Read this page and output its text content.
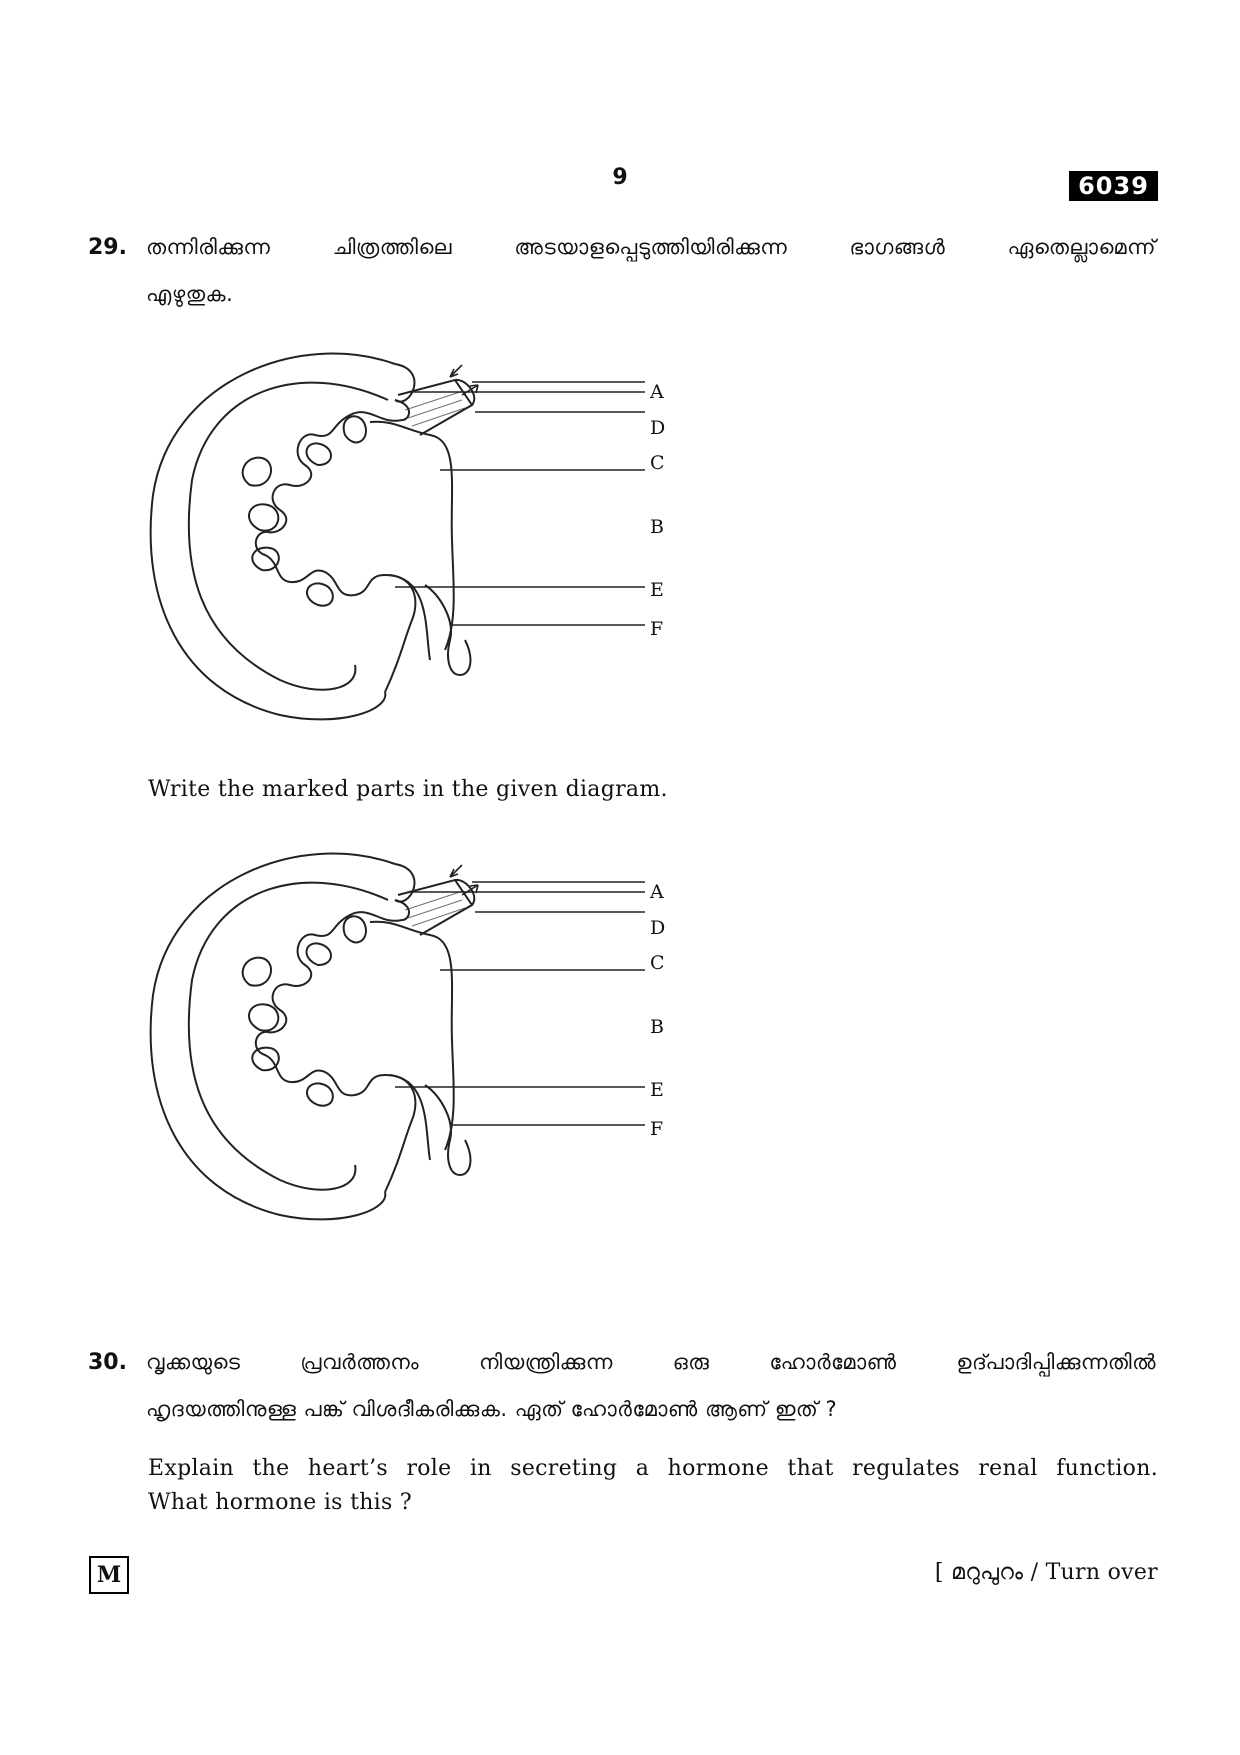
9	6039
29. തന്നിരിക്കുന്ന ചിത്രത്തിലെ അടയാളപ്പെടുത്തിയിരിക്കുന്ന ഭാഗങ്ങൾ ഏതെല്ലാമെന്ന്
എഴുതുക.
A
D
C
B
E
F
Write the marked parts in the given diagram.
A
D
C
B
E
F
30. വൃക്കയുടെ പ്രവർത്തനം നിയന്ത്രിക്കുന്ന ഒരു ഹോർമോൺ ഉദ്പാദിപ്പിക്കുന്നതിൽ
ഹൃദയത്തിനുള്ള പങ്ക് വിശദീകരിക്കുക. ഏത് ഹോർമോൺ ആണ് ഇത് ?
Explain the heart’s role in secreting a hormone that regulates renal function.
What hormone is this ?
M	[ മറുപുറം / Turn over
